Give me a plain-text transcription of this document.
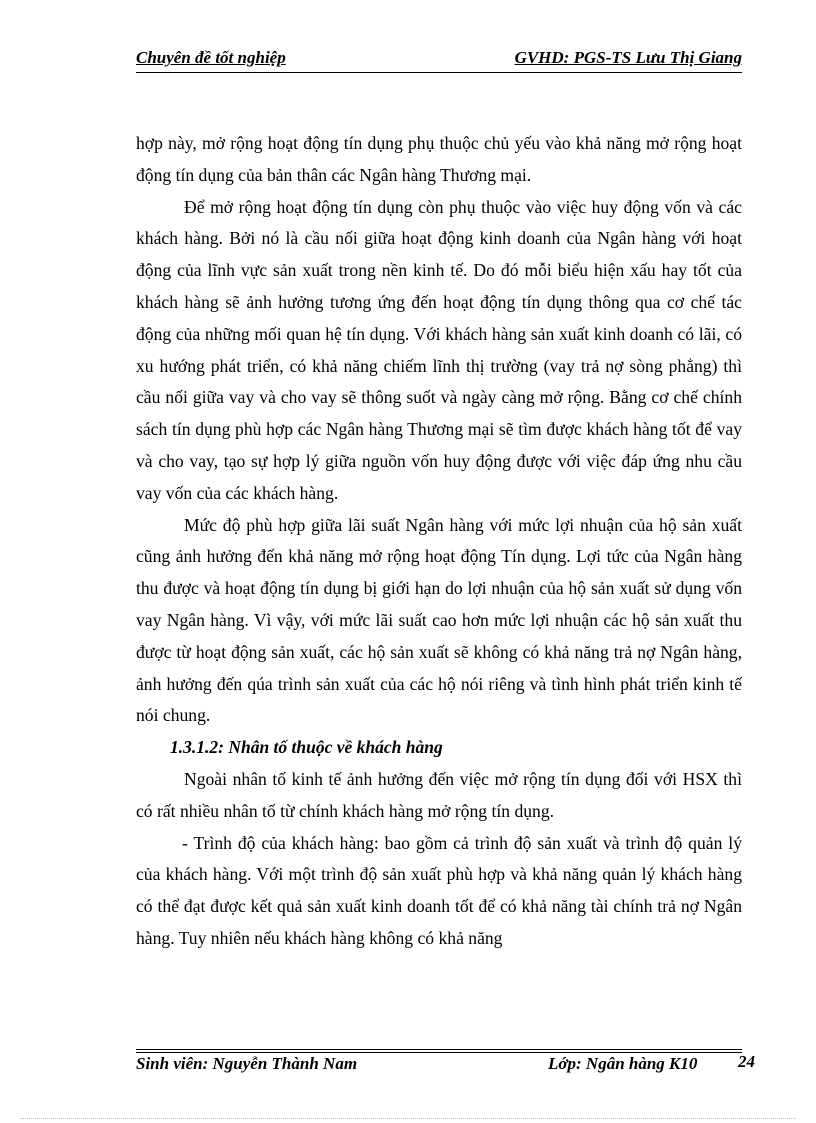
Chuyên đề tốt nghiệp	GVHD: PGS-TS Lưu Thị Giang

hợp này, mở rộng hoạt động tín dụng phụ thuộc chủ yếu vào khả năng mở rộng hoạt động tín dụng của bản thân các Ngân hàng Thương mại.

Để mở rộng hoạt động tín dụng còn phụ thuộc vào việc huy động vốn và các khách hàng. Bởi nó là cầu nối giữa hoạt động kinh doanh của Ngân hàng với hoạt động của lĩnh vực sản xuất trong nền kinh tế. Do đó mỗi biểu hiện xấu hay tốt của khách hàng sẽ ảnh hưởng tương ứng đến hoạt động tín dụng thông qua cơ chế tác động của những mối quan hệ tín dụng. Với khách hàng sản xuất kinh doanh có lãi, có xu hướng phát triển, có khả năng chiếm lĩnh thị trường (vay trả nợ sòng phẳng) thì cầu nối giữa vay và cho vay sẽ thông suốt và ngày càng mở rộng. Bằng cơ chế chính sách tín dụng phù hợp các Ngân hàng Thương mại sẽ tìm được khách hàng tốt để vay và cho vay, tạo sự hợp lý giữa nguồn vốn huy động được với việc đáp ứng nhu cầu vay vốn của các khách hàng.

Mức độ phù hợp giữa lãi suất Ngân hàng với mức lợi nhuận của hộ sản xuất cũng ảnh hưởng đến khả năng mở rộng hoạt động Tín dụng. Lợi tức của Ngân hàng thu được và hoạt động tín dụng bị giới hạn do lợi nhuận của hộ sản xuất sử dụng vốn vay Ngân hàng. Vì vậy, với mức lãi suất cao hơn mức lợi nhuận các hộ sản xuất thu được từ hoạt động sản xuất, các hộ sản xuất sẽ không có khả năng trả nợ Ngân hàng, ảnh hưởng đến qúa trình sản xuất của các hộ nói riêng và tình hình phát triển kinh tế nói chung.

1.3.1.2: Nhân tố thuộc về khách hàng

Ngoài nhân tố kinh tế ảnh hưởng đến việc mở rộng tín dụng đối với HSX thì có rất nhiều nhân tố từ chính khách hàng mở rộng tín dụng.

- Trình độ của khách hàng: bao gồm cả trình độ sản xuất và trình độ quản lý của khách hàng. Với một trình độ sản xuất phù hợp và khả năng quản lý khách hàng có thể đạt được kết quả sản xuất kinh doanh tốt để có khả năng tài chính trả nợ Ngân hàng. Tuy nhiên nếu khách hàng không có khả năng

Sinh viên: Nguyễn Thành Nam	Lớp: Ngân hàng K10 24
